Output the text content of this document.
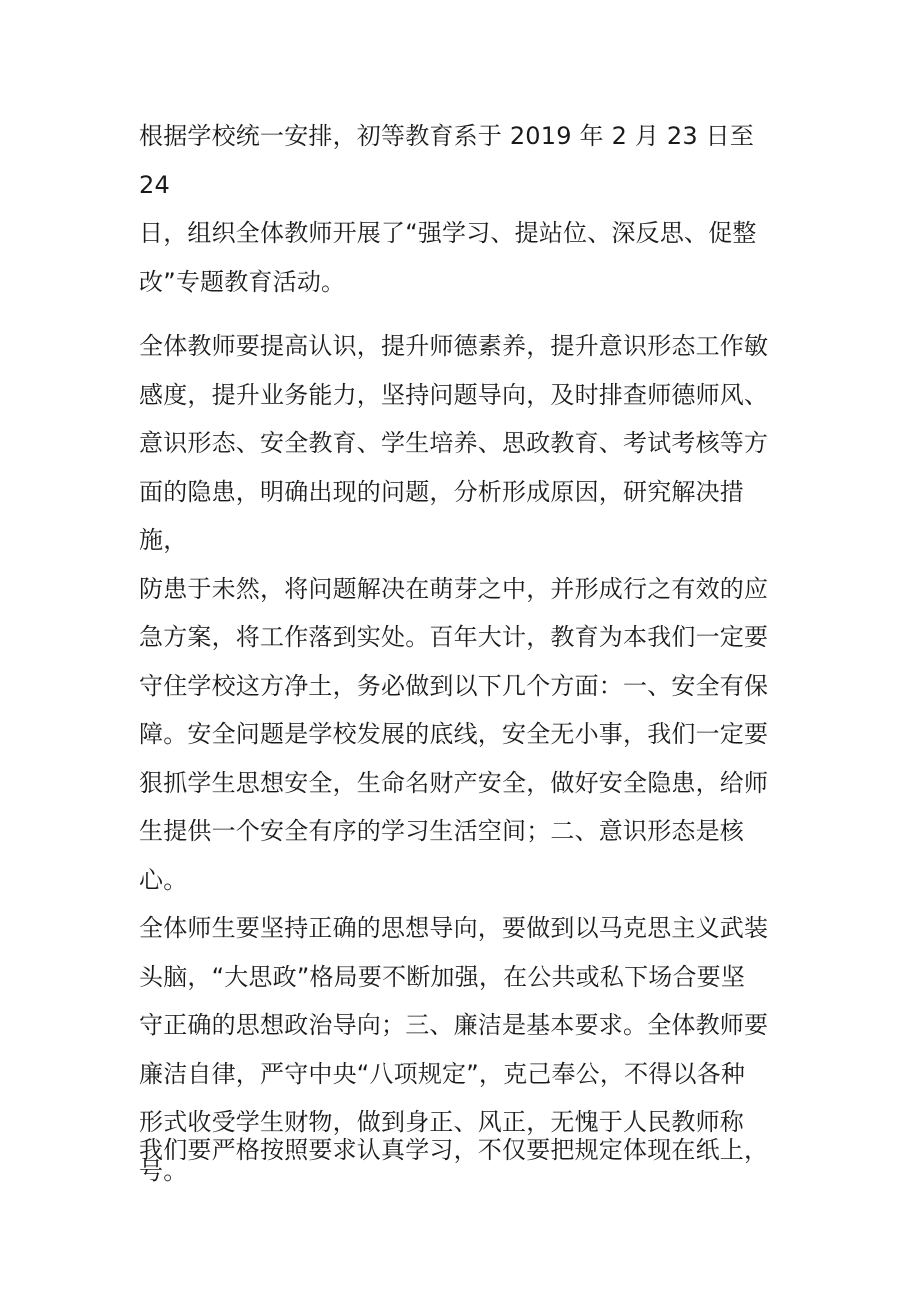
根据学校统一安排，初等教育系于 2019 年 2 月 23 日至 24
日，组织全体教师开展了“强学习、提站位、深反思、促整
改”专题教育活动。

全体教师要提高认识，提升师德素养，提升意识形态工作敏
感度，提升业务能力，坚持问题导向，及时排查师德师风、
意识形态、安全教育、学生培养、思政教育、考试考核等方
面的隐患，明确出现的问题，分析形成原因，研究解决措施，
防患于未然，将问题解决在萌芽之中，并形成行之有效的应
急方案，将工作落到实处。百年大计，教育为本我们一定要
守住学校这方净土，务必做到以下几个方面：一、安全有保
障。安全问题是学校发展的底线，安全无小事，我们一定要
狠抓学生思想安全，生命名财产安全，做好安全隐患，给师
生提供一个安全有序的学习生活空间；二、意识形态是核心。
全体师生要坚持正确的思想导向，要做到以马克思主义武装
头脑，“大思政”格局要不断加强，在公共或私下场合要坚
守正确的思想政治导向；三、廉洁是基本要求。全体教师要
廉洁自律，严守中央“八项规定”，克己奉公，不得以各种
形式收受学生财物，做到身正、风正，无愧于人民教师称号。

我们要严格按照要求认真学习，不仅要把规定体现在纸上，
